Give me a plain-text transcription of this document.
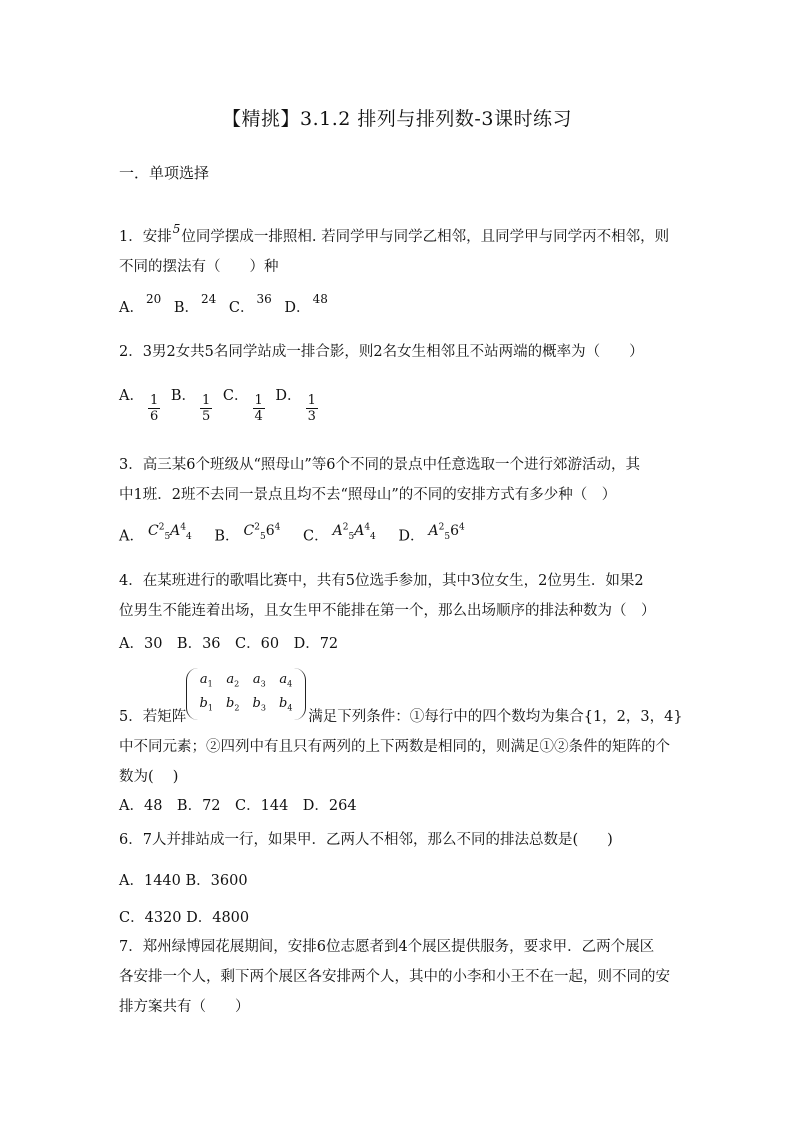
【精挑】3.1.2 排列与排列数-3课时练习
一．单项选择
1．安排$^5$位同学摆成一排照相. 若同学甲与同学乙相邻，且同学甲与同学丙不相邻，则
不同的摆法有（　　）种
A．$^{20}$ B．$^{24}$ C．$^{36}$ D．$^{48}$
2．3男2女共5名同学站成一排合影，则2名女生相邻且不站两端的概率为（　　）
A． $\frac{1}{6}$ B． $\frac{1}{5}$ C． $\frac{1}{4}$ D． $\frac{1}{3}$
3．高三某6个班级从“照母山”等6个不同的景点中任意选取一个进行郊游活动，其
中1班．2班不去同一景点且均不去“照母山”的不同的安排方式有多少种（　）
A． $C^2_5A^4_4$ B． $C^2_56^4$ C． $A^2_5A^4_4$ D． $A^2_56^4$
4．在某班进行的歌唱比赛中，共有5位选手参加，其中3位女生，2位男生．如果2
位男生不能连着出场，且女生甲不能排在第一个，那么出场顺序的排法种数为（　）
A．30　B．36　C．60　D．72
$a_1$ $a_2$ $a_3$ $a_4$
$b_1$ $b_2$ $b_3$ $b_4$
5．若矩阵	满足下列条件：①每行中的四个数均为集合{1，2，3，4}
中不同元素；②四列中有且只有两列的上下两数是相同的，则满足①②条件的矩阵的个
数为(　 )
A．48　B．72　C．144　D．264
6．7人并排站成一行，如果甲．乙两人不相邻，那么不同的排法总数是(　　)
A．1440 B．3600
C．4320 D．4800
7．郑州绿博园花展期间，安排6位志愿者到4个展区提供服务，要求甲．乙两个展区
各安排一个人，剩下两个展区各安排两个人，其中的小李和小王不在一起，则不同的安
排方案共有（　　）
